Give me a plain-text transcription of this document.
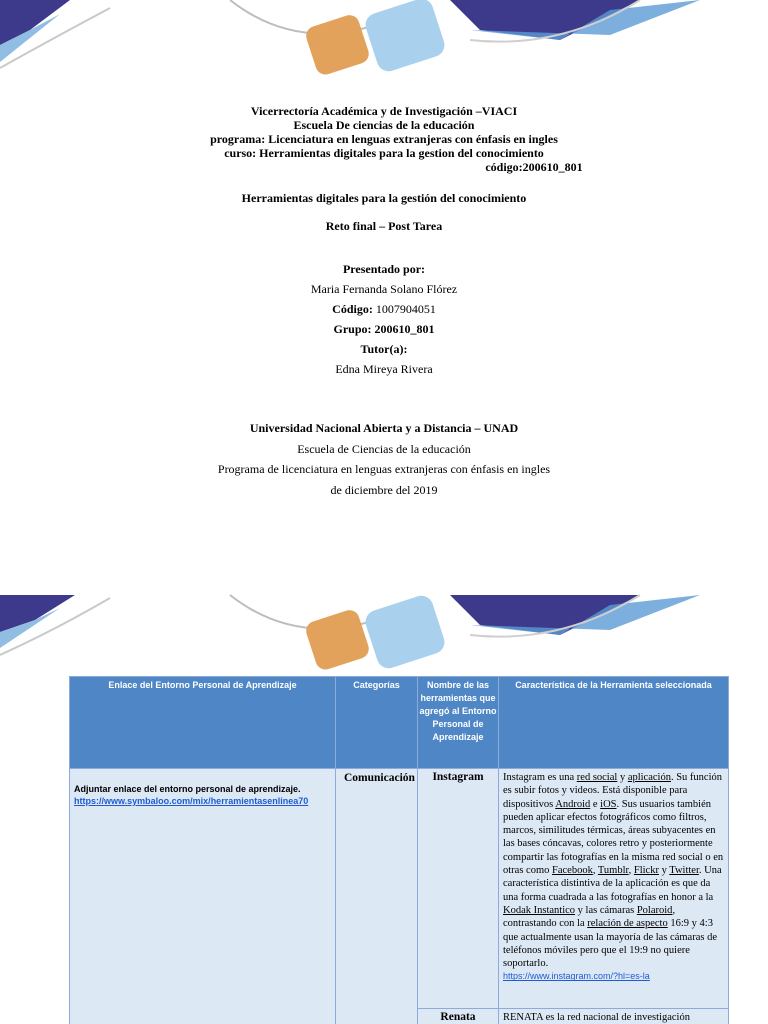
Vicerrectoría Académica y de Investigación –VIACI
Escuela De ciencias de la educación
programa: Licenciatura en lenguas extranjeras con énfasis en ingles
curso: Herramientas digitales para la gestion del conocimiento
código:200610_801
Herramientas digitales para la gestión del conocimiento
Reto final – Post Tarea
Presentado por:
Maria Fernanda Solano Flórez
Código: 1007904051
Grupo: 200610_801
Tutor(a):
Edna Mireya Rivera
Universidad Nacional Abierta y a Distancia – UNAD
Escuela de Ciencias de la educación
Programa de licenciatura en lenguas extranjeras con énfasis en ingles
de diciembre del 2019
Enlace del Entorno Personal de Aprendizaje	Categorías	Nombre de las herramientas que agregó al Entorno Personal de Aprendizaje	Característica de la Herramienta seleccionada

Adjuntar enlace del entorno personal de aprendizaje.
https://www.symbaloo.com/mix/herramientasenlinea70	Comunicación	Instagram	Instagram es una red social y aplicación. Su función es subir fotos y videos. Está disponible para dispositivos Android e iOS. Sus usuarios también pueden aplicar efectos fotográficos como filtros, marcos, similitudes térmicas, áreas subyacentes en las bases cóncavas, colores retro y posteriormente compartir las fotografías en la misma red social o en otras como Facebook, Tumblr, Flickr y Twitter. Una característica distintiva de la aplicación es que da una forma cuadrada a las fotografías en honor a la Kodak Instantico y las cámaras Polaroid, contrastando con la relación de aspecto 16:9 y 4:3 que actualmente usan la mayoría de las cámaras de teléfonos móviles pero que el 19:9 no quiere soportarlo.
https://www.instagram.com/?hl=es-la
		Renata	RENATA es la red nacional de investigación
